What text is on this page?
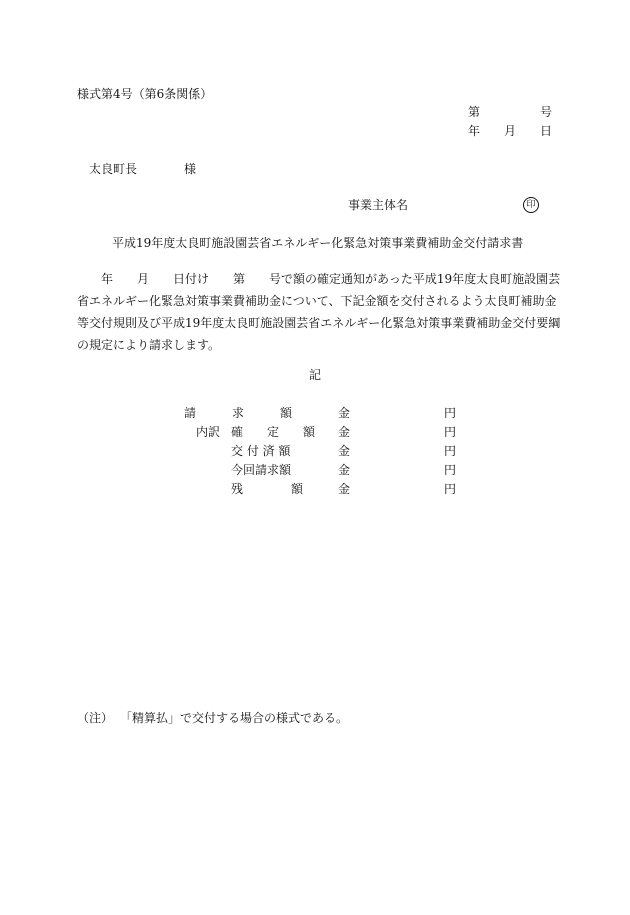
様式第4号（第6条関係）
第	号
年 月 日
太良町長	様
事業主体名	印
平成19年度太良町施設園芸省エネルギー化緊急対策事業費補助金交付請求書
　　年　　月　　日付け　　第　　号で額の確定通知があった平成19年度太良町施設園芸
省エネルギー化緊急対策事業費補助金について、下記金額を交付されるよう太良町補助金
等交付規則及び平成19年度太良町施設園芸省エネルギー化緊急対策事業費補助金交付要綱
の規定により請求します。
記
請　　　求　　　額	金	円
内訳 確　　定　　額 金	円
交 付 済 額	金	円
今回請求額	金	円
残　　　　額	金	円
（注） 「精算払」で交付する場合の様式である。
